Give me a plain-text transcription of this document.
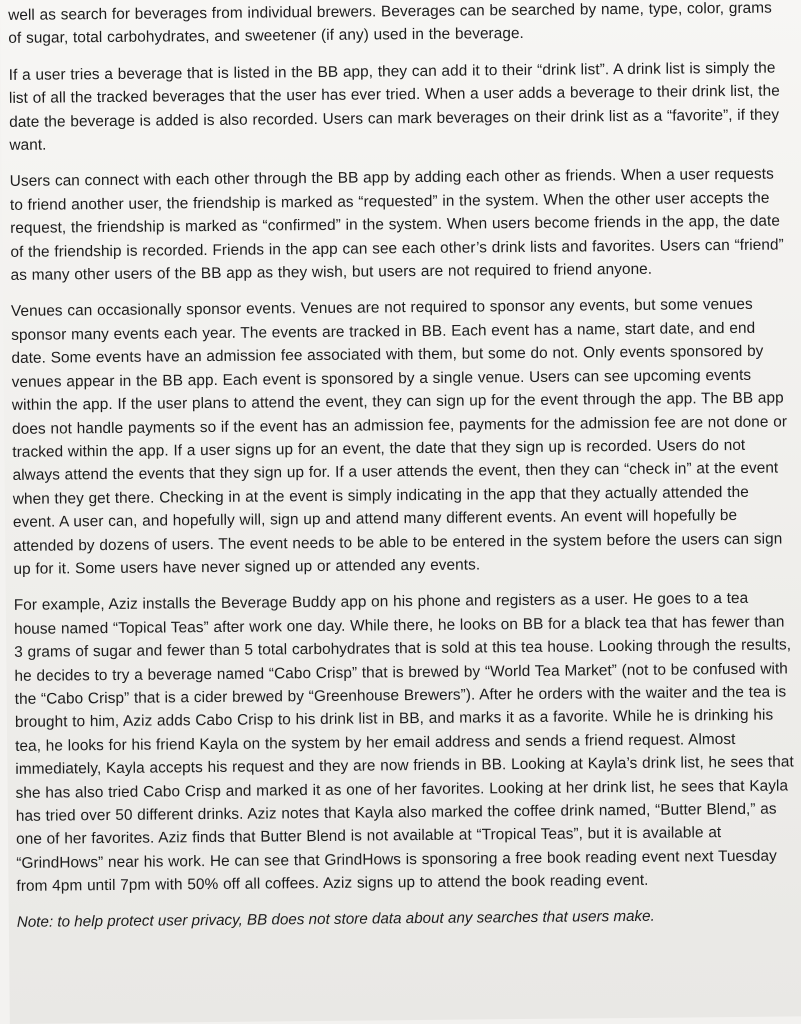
well as search for beverages from individual brewers. Beverages can be searched by name, type, color, grams of sugar, total carbohydrates, and sweetener (if any) used in the beverage.

If a user tries a beverage that is listed in the BB app, they can add it to their “drink list”. A drink list is simply the list of all the tracked beverages that the user has ever tried. When a user adds a beverage to their drink list, the date the beverage is added is also recorded. Users can mark beverages on their drink list as a “favorite”, if they want.

Users can connect with each other through the BB app by adding each other as friends. When a user requests to friend another user, the friendship is marked as “requested” in the system. When the other user accepts the request, the friendship is marked as “confirmed” in the system. When users become friends in the app, the date of the friendship is recorded. Friends in the app can see each other’s drink lists and favorites. Users can “friend” as many other users of the BB app as they wish, but users are not required to friend anyone.

Venues can occasionally sponsor events. Venues are not required to sponsor any events, but some venues sponsor many events each year. The events are tracked in BB. Each event has a name, start date, and end date. Some events have an admission fee associated with them, but some do not. Only events sponsored by venues appear in the BB app. Each event is sponsored by a single venue. Users can see upcoming events within the app. If the user plans to attend the event, they can sign up for the event through the app. The BB app does not handle payments so if the event has an admission fee, payments for the admission fee are not done or tracked within the app. If a user signs up for an event, the date that they sign up is recorded. Users do not always attend the events that they sign up for. If a user attends the event, then they can “check in” at the event when they get there. Checking in at the event is simply indicating in the app that they actually attended the event. A user can, and hopefully will, sign up and attend many different events. An event will hopefully be attended by dozens of users. The event needs to be able to be entered in the system before the users can sign up for it. Some users have never signed up or attended any events.

For example, Aziz installs the Beverage Buddy app on his phone and registers as a user. He goes to a tea house named “Topical Teas” after work one day. While there, he looks on BB for a black tea that has fewer than 3 grams of sugar and fewer than 5 total carbohydrates that is sold at this tea house. Looking through the results, he decides to try a beverage named “Cabo Crisp” that is brewed by “World Tea Market” (not to be confused with the “Cabo Crisp” that is a cider brewed by “Greenhouse Brewers”). After he orders with the waiter and the tea is brought to him, Aziz adds Cabo Crisp to his drink list in BB, and marks it as a favorite. While he is drinking his tea, he looks for his friend Kayla on the system by her email address and sends a friend request. Almost immediately, Kayla accepts his request and they are now friends in BB. Looking at Kayla’s drink list, he sees that she has also tried Cabo Crisp and marked it as one of her favorites. Looking at her drink list, he sees that Kayla has tried over 50 different drinks. Aziz notes that Kayla also marked the coffee drink named, “Butter Blend,” as one of her favorites. Aziz finds that Butter Blend is not available at “Tropical Teas”, but it is available at “GrindHows” near his work. He can see that GrindHows is sponsoring a free book reading event next Tuesday from 4pm until 7pm with 50% off all coffees. Aziz signs up to attend the book reading event.

Note: to help protect user privacy, BB does not store data about any searches that users make.
